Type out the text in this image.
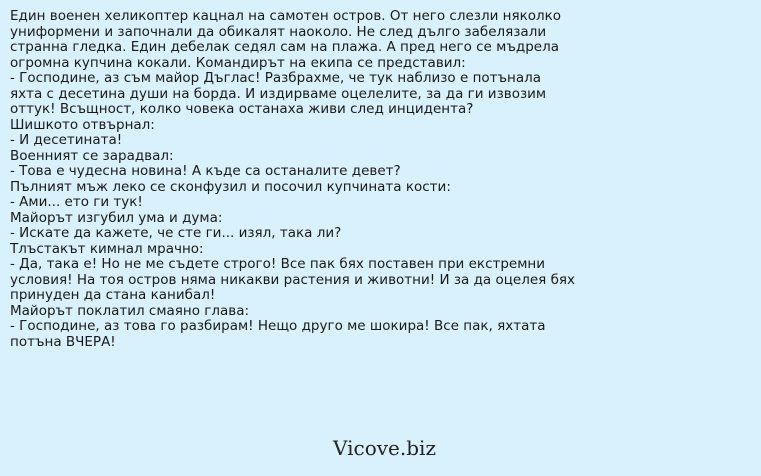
Един военен хеликоптер кацнал на самотен остров. От него слезли няколко
униформени и започнали да обикалят наоколо. Не след дълго забелязали
странна гледка. Един дебелак седял сам на плажа. А пред него се мъдрела
огромна купчина кокали. Командирът на екипа се представил:
- Господине, аз съм майор Дъглас! Разбрахме, че тук наблизо е потънала
яхта с десетина души на борда. И издирваме оцелелите, за да ги извозим
оттук! Всъщност, колко човека останаха живи след инцидента?
Шишкото отвърнал:
- И десетината!
Военният се зарадвал:
- Това е чудесна новина! А къде са останалите девет?
Пълният мъж леко се сконфузил и посочил купчината кости:
- Ами... ето ги тук!
Майорът изгубил ума и дума:
- Искате да кажете, че сте ги... изял, така ли?
Тлъстакът кимнал мрачно:
- Да, така е! Но не ме съдете строго! Все пак бях поставен при екстремни
условия! На тоя остров няма никакви растения и животни! И за да оцелея бях
принуден да стана канибал!
Майорът поклатил смаяно глава:
- Господине, аз това го разбирам! Нещо друго ме шокира! Все пак, яхтата
потъна ВЧЕРА!
Vicove.biz
